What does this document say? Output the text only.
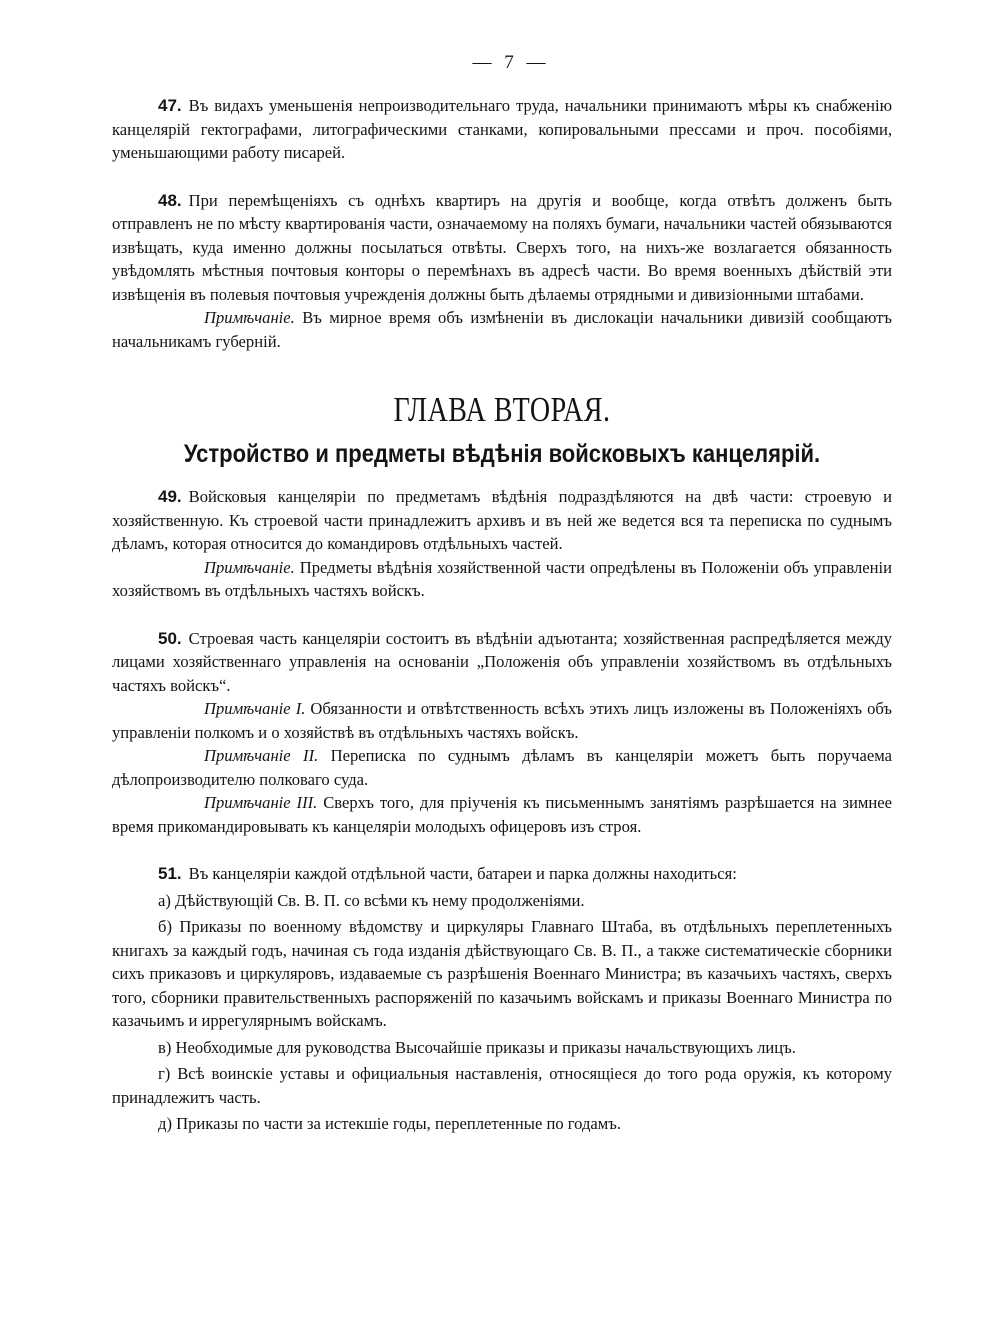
— 7 —

47. Въ видахъ уменьшенія непроизводительнаго труда, начальники принимаютъ мѣры къ снабженію канцелярій гектографами, литографическими станками, копировальными прессами и проч. пособіями, уменьшающими работу писарей.

48. При перемѣщеніяхъ съ однѣхъ квартиръ на другія и вообще, когда отвѣтъ долженъ быть отправленъ не по мѣсту квартированія части, означаемому на поляхъ бумаги, начальники частей обязываются извѣщать, куда именно должны посылаться отвѣты. Сверхъ того, на нихъ-же возлагается обязанность увѣдомлять мѣстныя почтовыя конторы о перемѣнахъ въ адресѣ части. Во время военныхъ дѣйствій эти извѣщенія въ полевыя почтовыя учрежденія должны быть дѣлаемы отрядными и дивизіонными штабами.

Примѣчаніе. Въ мирное время объ измѣненіи въ дислокаціи начальники дивизій сообщаютъ начальникамъ губерній.

ГЛАВА ВТОРАЯ.
Устройство и предметы вѣдѣнія войсковыхъ канцелярій.

49. Войсковыя канцеляріи по предметамъ вѣдѣнія подраздѣляются на двѣ части: строевую и хозяйственную. Къ строевой части принадлежитъ архивъ и въ ней же ведется вся та переписка по суднымъ дѣламъ, которая относится до командировъ отдѣльныхъ частей.

Примѣчаніе. Предметы вѣдѣнія хозяйственной части опредѣлены въ Положеніи объ управленіи хозяйствомъ въ отдѣльныхъ частяхъ войскъ.

50. Строевая часть канцеляріи состоитъ въ вѣдѣніи адъютанта; хозяйственная распредѣляется между лицами хозяйственнаго управленія на основаніи „Положенія объ управленіи хозяйствомъ въ отдѣльныхъ частяхъ войскъ“.

Примѣчаніе I. Обязанности и отвѣтственность всѣхъ этихъ лицъ изложены въ Положеніяхъ объ управленіи полкомъ и о хозяйствѣ въ отдѣльныхъ частяхъ войскъ.

Примѣчаніе II. Переписка по суднымъ дѣламъ въ канцеляріи можетъ быть поручаема дѣлопроизводителю полковаго суда.

Примѣчаніе III. Сверхъ того, для пріученія къ письменнымъ занятіямъ разрѣшается на зимнее время прикомандировывать къ канцеляріи молодыхъ офицеровъ изъ строя.

51. Въ канцеляріи каждой отдѣльной части, батареи и парка должны находиться:

а) Дѣйствующій Св. В. П. со всѣми къ нему продолженіями.

б) Приказы по военному вѣдомству и циркуляры Главнаго Штаба, въ отдѣльныхъ переплетенныхъ книгахъ за каждый годъ, начиная съ года изданія дѣйствующаго Св. В. П., а также систематическіе сборники сихъ приказовъ и циркуляровъ, издаваемые съ разрѣшенія Военнаго Министра; въ казачьихъ частяхъ, сверхъ того, сборники правительственныхъ распоряженій по казачьимъ войскамъ и приказы Военнаго Министра по казачьимъ и иррегулярнымъ войскамъ.

в) Необходимые для руководства Высочайшіе приказы и приказы начальствующихъ лицъ.

г) Всѣ воинскіе уставы и официальныя наставленія, относящіеся до того рода оружія, къ которому принадлежитъ часть.

д) Приказы по части за истекшіе годы, переплетенные по годамъ.
